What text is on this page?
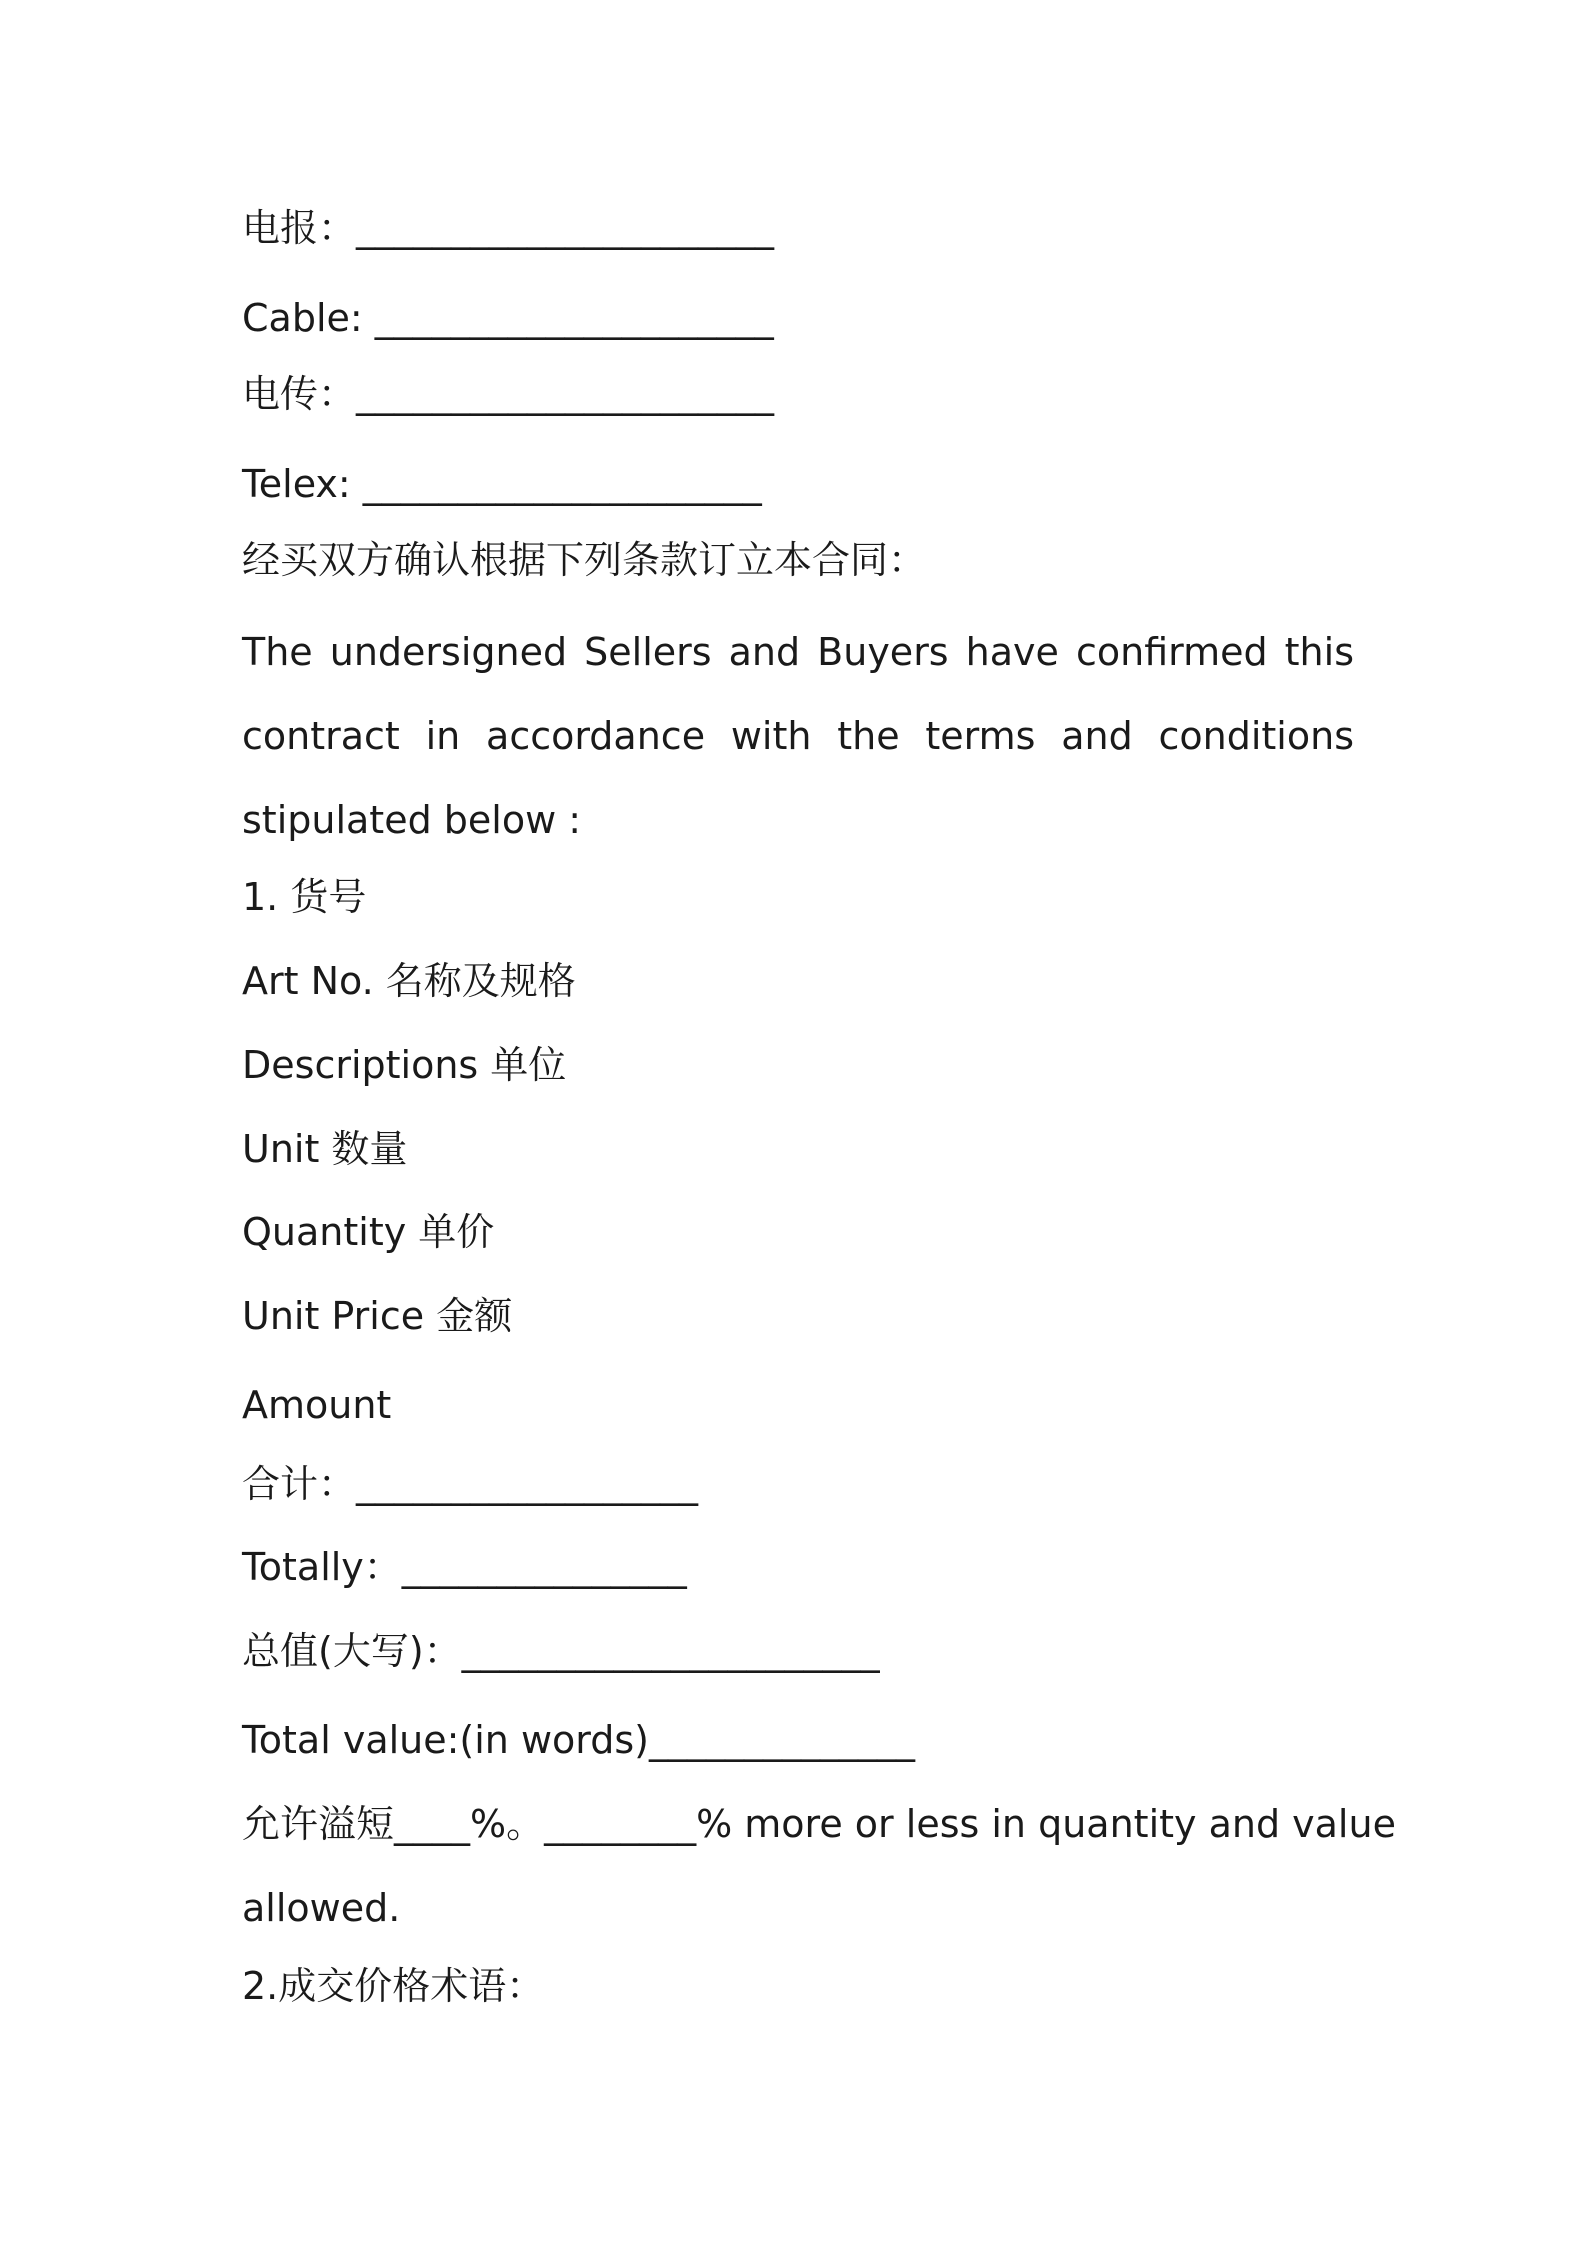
电报：______________________
Cable: _____________________
电传：______________________
Telex: _____________________
经买双方确认根据下列条款订立本合同：
The undersigned Sellers and Buyers have confirmed this
contract in accordance with the terms and conditions
stipulated below :
1. 货号
Art No. 名称及规格
Descriptions 单位
Unit 数量
Quantity 单价
Unit Price 金额
Amount
合计：__________________
Totally：_______________
总值(大写)：______________________
Total value:(in words)______________
允许溢短____%。________% more or less in quantity and value
allowed.
2.成交价格术语：
